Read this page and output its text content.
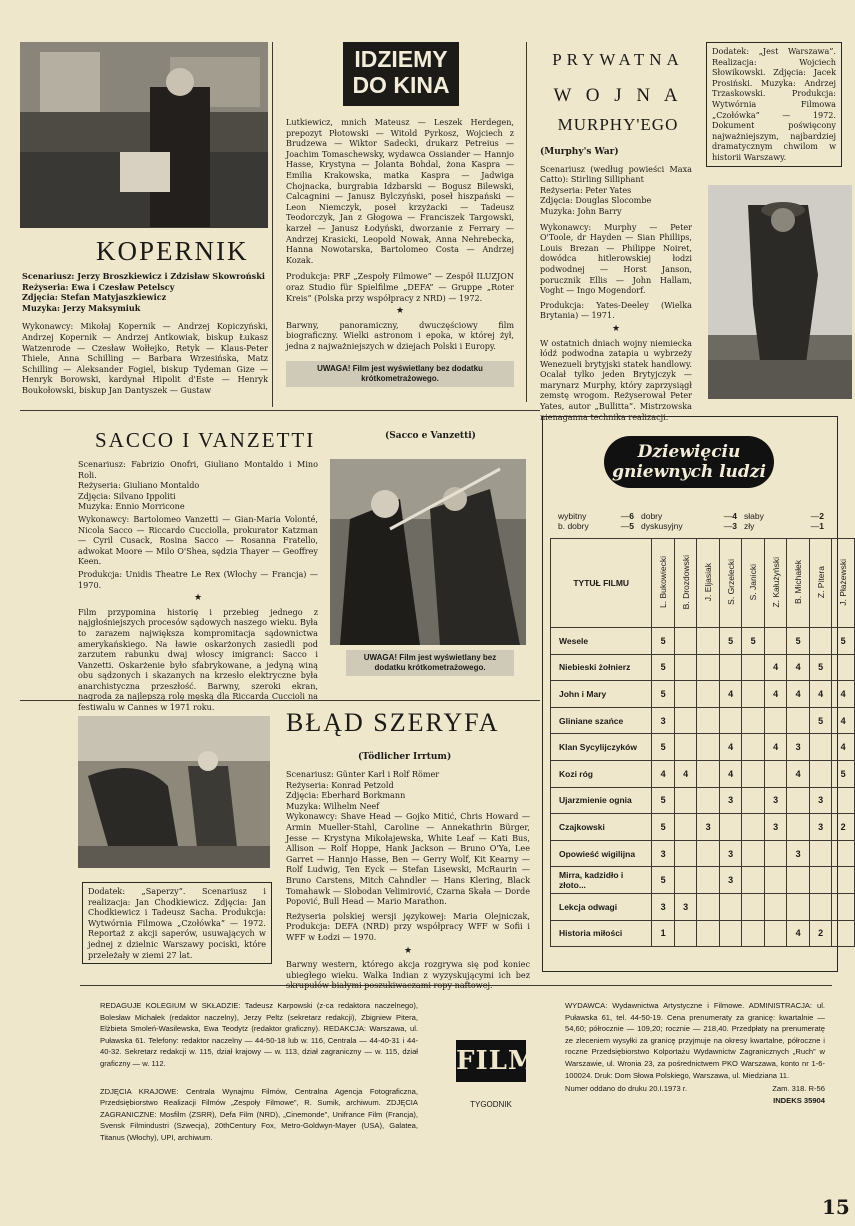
KOPERNIK

Scenariusz: Jerzy Broszkiewicz i Zdzisław Skowroński
Reżyseria: Ewa i Czesław Petelscy
Zdjęcia: Stefan Matyjaszkiewicz
Muzyka: Jerzy Maksymiuk

Wykonawcy: Mikołaj Kopernik — Andrzej Kopiczyński, Andrzej Kopernik — Andrzej Antkowiak, biskup Łukasz Watzenrode — Czesław Wołłejko, Retyk — Klaus-Peter Thiele, Anna Schilling — Barbara Wrzesińska, Matz Schilling — Aleksander Fogiel, biskup Tydeman Gize — Henryk Borowski, kardynał Hipolit d'Este — Henryk Boukołowski, biskup Jan Dantyszek — Gustaw

IDZIEMY
DO KINA

Lutkiewicz, mnich Mateusz — Leszek Herdegen, prepozyt Płotowski — Witold Pyrkosz, Wojciech z Brudzewa — Wiktor Sadecki, drukarz Petreius — Joachim Tomaschewsky, wydawca Ossiander — Hannjo Hasse, Krystyna — Jolanta Bohdal, żona Kaspra — Emilia Krakowska, matka Kaspra — Jadwiga Chojnacka, burgrabia Idzbarski — Bogusz Bilewski, Calcagnini — Janusz Bylczyński, poseł hiszpański — Leon Niemczyk, poseł krzyżacki — Tadeusz Teodorczyk, Jan z Głogowa — Franciszek Targowski, karzeł — Janusz Łodyński, dworzanie z Ferrary — Andrzej Krasicki, Leopold Nowak, Anna Nehrebecka, Hanna Nowotarska, Bartolomeo Costa — Andrzej Kozak.

Produkcja: PRF „Zespoły Filmowe” — Zespół ILUZJON oraz Studio für Spielfilme „DEFA” — Gruppe „Roter Kreis” (Polska przy współpracy z NRD) — 1972.

★

Barwny, panoramiczny, dwuczęściowy film biograficzny. Wielki astronom i epoka, w której żył, jedna z najważniejszych w dziejach Polski i Europy.

UWAGA! Film jest wyświetlany bez dodatku krótkometrażowego.
PRYWATNA
W O J N A
MURPHY'EGO

(Murphy's War)

Scenariusz (według powieści Maxa Catto): Stirling Silliphant
Reżyseria: Peter Yates
Zdjęcia: Douglas Slocombe
Muzyka: John Barry

Wykonawcy: Murphy — Peter O'Toole, dr Hayden — Sian Phillips, Louis Brezan — Philippe Noiret, dowódca hitlerowskiej łodzi podwodnej — Horst Janson, porucznik Ellis — John Hallam, Voght — Ingo Mogendorf.

Produkcja: Yates-Deeley (Wielka Brytania) — 1971.

★

W ostatnich dniach wojny niemiecka łódź podwodna zatapia u wybrzeży Wenezueli brytyjski statek handlowy. Ocalał tylko jeden Brytyjczyk — marynarz Murphy, który zaprzysiągł zemstę wrogom. Reżyserował Peter Yates, autor „Bullitta”. Mistrzowska nienaganna technika realizacji.

Dodatek: „Jest Warszawa”. Realizacja: Wojciech Słowikowski. Zdjęcia: Jacek Prosiński. Muzyka: Andrzej Trzaskowski. Produkcja: Wytwórnia Filmowa „Czołówka” — 1972. Dokument poświęcony najważniejszym, najbardziej dramatycznym chwilom w historii Warszawy.

SACCO I VANZETTI	(Sacco e Vanzetti)

Scenariusz: Fabrizio Onofri, Giuliano Montaldo i Mino Roli.
Reżyseria: Giuliano Montaldo
Zdjęcia: Silvano Ippoliti
Muzyka: Ennio Morricone

Wykonawcy: Bartolomeo Vanzetti — Gian-Maria Volonté, Nicola Sacco — Riccardo Cucciolla, prokurator Katzman — Cyril Cusack, Rosina Sacco — Rosanna Fratello, adwokat Moore — Milo O'Shea, sędzia Thayer — Geoffrey Keen.

Produkcja: Unidis Theatre Le Rex (Włochy — Francja) — 1970.

★

Film przypomina historię i przebieg jednego z najgłośniejszych procesów sądowych naszego wieku. Była to zarazem największa kompromitacja sądownictwa amerykańskiego. Na ławie oskarżonych zasiedli pod zarzutem rabunku dwaj włoscy imigranci: Sacco i Vanzetti. Oskarżenie było sfabrykowane, a jedyną winą obu sądzonych i skazanych na krzesło elektryczne była anarchistyczna przeszłość. Barwny, szeroki ekran, nagroda za najlepszą rolę męską dla Riccarda Cuccioli na festiwalu w Cannes w 1971 roku.

UWAGA! Film jest wyświetlany bez dodatku krótkometrażowego.
BŁĄD SZERYFA
(Tödlicher Irrtum)

Scenariusz: Günter Karl i Rolf Römer
Reżyseria: Konrad Petzold
Zdjęcia: Eberhard Borkmann
Muzyka: Wilhelm Neef

Wykonawcy: Shave Head — Gojko Mitić, Chris Howard — Armin Mueller-Stahl, Caroline — Annekathrin Bürger, Jesse — Krystyna Mikołajewska, White Leaf — Kati Bus, Allison — Rolf Hoppe, Hank Jackson — Bruno O'Ya, Lee Garret — Hannjo Hasse, Ben — Gerry Wolf, Kit Kearny — Rolf Ludwig, Ten Eyck — Stefan Lisewski, McRaurin — Bruno Carstens, Mitch Cahndler — Hans Klering, Black Tomahawk — Slobodan Velimirović, Czarna Skała — Dorde Popović, Bull Head — Mario Marathon.

Reżyseria polskiej wersji językowej: Maria Olejniczak, Produkcja: DEFA (NRD) przy współpracy WFF w Sofii i WFF w Łodzi — 1970.

★

Barwny western, którego akcja rozgrywa się pod koniec ubiegłego wieku. Walka Indian z wyzyskującymi ich bez skrupułów białymi poszukiwaczami ropy naftowej.

Dodatek: „Saperzy”. Scenariusz i realizacja: Jan Chodkiewicz. Zdjęcia: Jan Chodkiewicz i Tadeusz Sacha. Produkcja: Wytwórnia Filmowa „Czołówka” — 1972. Reportaż z akcji saperów, usuwających w jednej z dzielnic Warszawy pociski, które przeleżały w ziemi 27 lat.

Dziewięciu
gniewnych ludzi
wybitny	—6 dobry	—4 słaby	—2
b. dobry	—5 dyskusyjny	—3 zły	—1
TYTUŁ FILMU	L. Bukowiecki	B. Drozdowski	J. Eljasiak	S. Grzelecki	S. Janicki	Z. Kałużyński	B. Michałek	Z. Pitera	J. Płażewski
Wesele	5			5	5		5		5
Niebieski żołnierz	5					4	4	5	
John i Mary	5			4		4	4	4	4
Gliniane szańce	3							5	4
Klan Sycylijczyków	5			4		4	3		4
Kozi róg	4	4		4			4		5
Ujarzmienie ognia	5			3		3		3	
Czajkowski	5		3			3		3	2
Opowieść wigilijna	3			3			3		
Mirra, kadzidło i złoto...	5			3					
Lekcja odwagi	3	3							
Historia miłości	1						4	2	

REDAGUJE KOLEGIUM W SKŁADZIE: Tadeusz Karpowski (z-ca redaktora naczelnego), Bolesław Michałek (redaktor naczelny), Jerzy Peltz (sekretarz redakcji), Zbigniew Pitera, Elżbieta Smoleń-Wasilewska, Ewa Teodytz (redaktor graficzny). REDAKCJA: Warszawa, ul. Puławska 61. Telefony: redaktor naczelny — 44-50-18 lub w. 116, Centrala — 44-40-31 i 44-40-32. Sekretarz redakcji w. 115, dział krajowy — w. 113, dział zagraniczny — w. 115, dział graficzny — w. 112.

ZDJĘCIA KRAJOWE: Centrala Wynajmu Filmów, Centralna Agencja Fotograficzna, Przedsiębiorstwo Realizacji Filmów „Zespoły Filmowe”, R. Sumik, archiwum. ZDJĘCIA ZAGRANICZNE: Mosfilm (ZSRR), Defa Film (NRD), „Cinemonde”, Unifrance Film (Francja), Svensk Filmindustri (Szwecja), 20thCentury Fox, Metro-Goldwyn-Mayer (USA), Galatea, Titanus (Włochy), UPI, archiwum.

FILM
TYGODNIK

WYDAWCA: Wydawnictwa Artystyczne i Filmowe. ADMINISTRACJA: ul. Puławska 61, tel. 44-50-19. Cena prenumeraty za granicę: kwartalnie — 54,60; półrocznie — 109,20; rocznie — 218,40. Przedpłaty na prenumeratę ze zleceniem wysyłki za granicę przyjmuje na okresy kwartalne, półroczne i roczne Przedsiębiorstwo Kolportażu Wydawnictw Zagranicznych „Ruch” w Warszawie, ul. Wronia 23, za pośrednictwem PKO Warszawa, konto nr 1-6-100024. Druk: Dom Słowa Polskiego, Warszawa, ul. Miedziana 11.

Numer oddano do druku 20.I.1973 r.	Zam. 318. R-56
INDEKS 35904
15
